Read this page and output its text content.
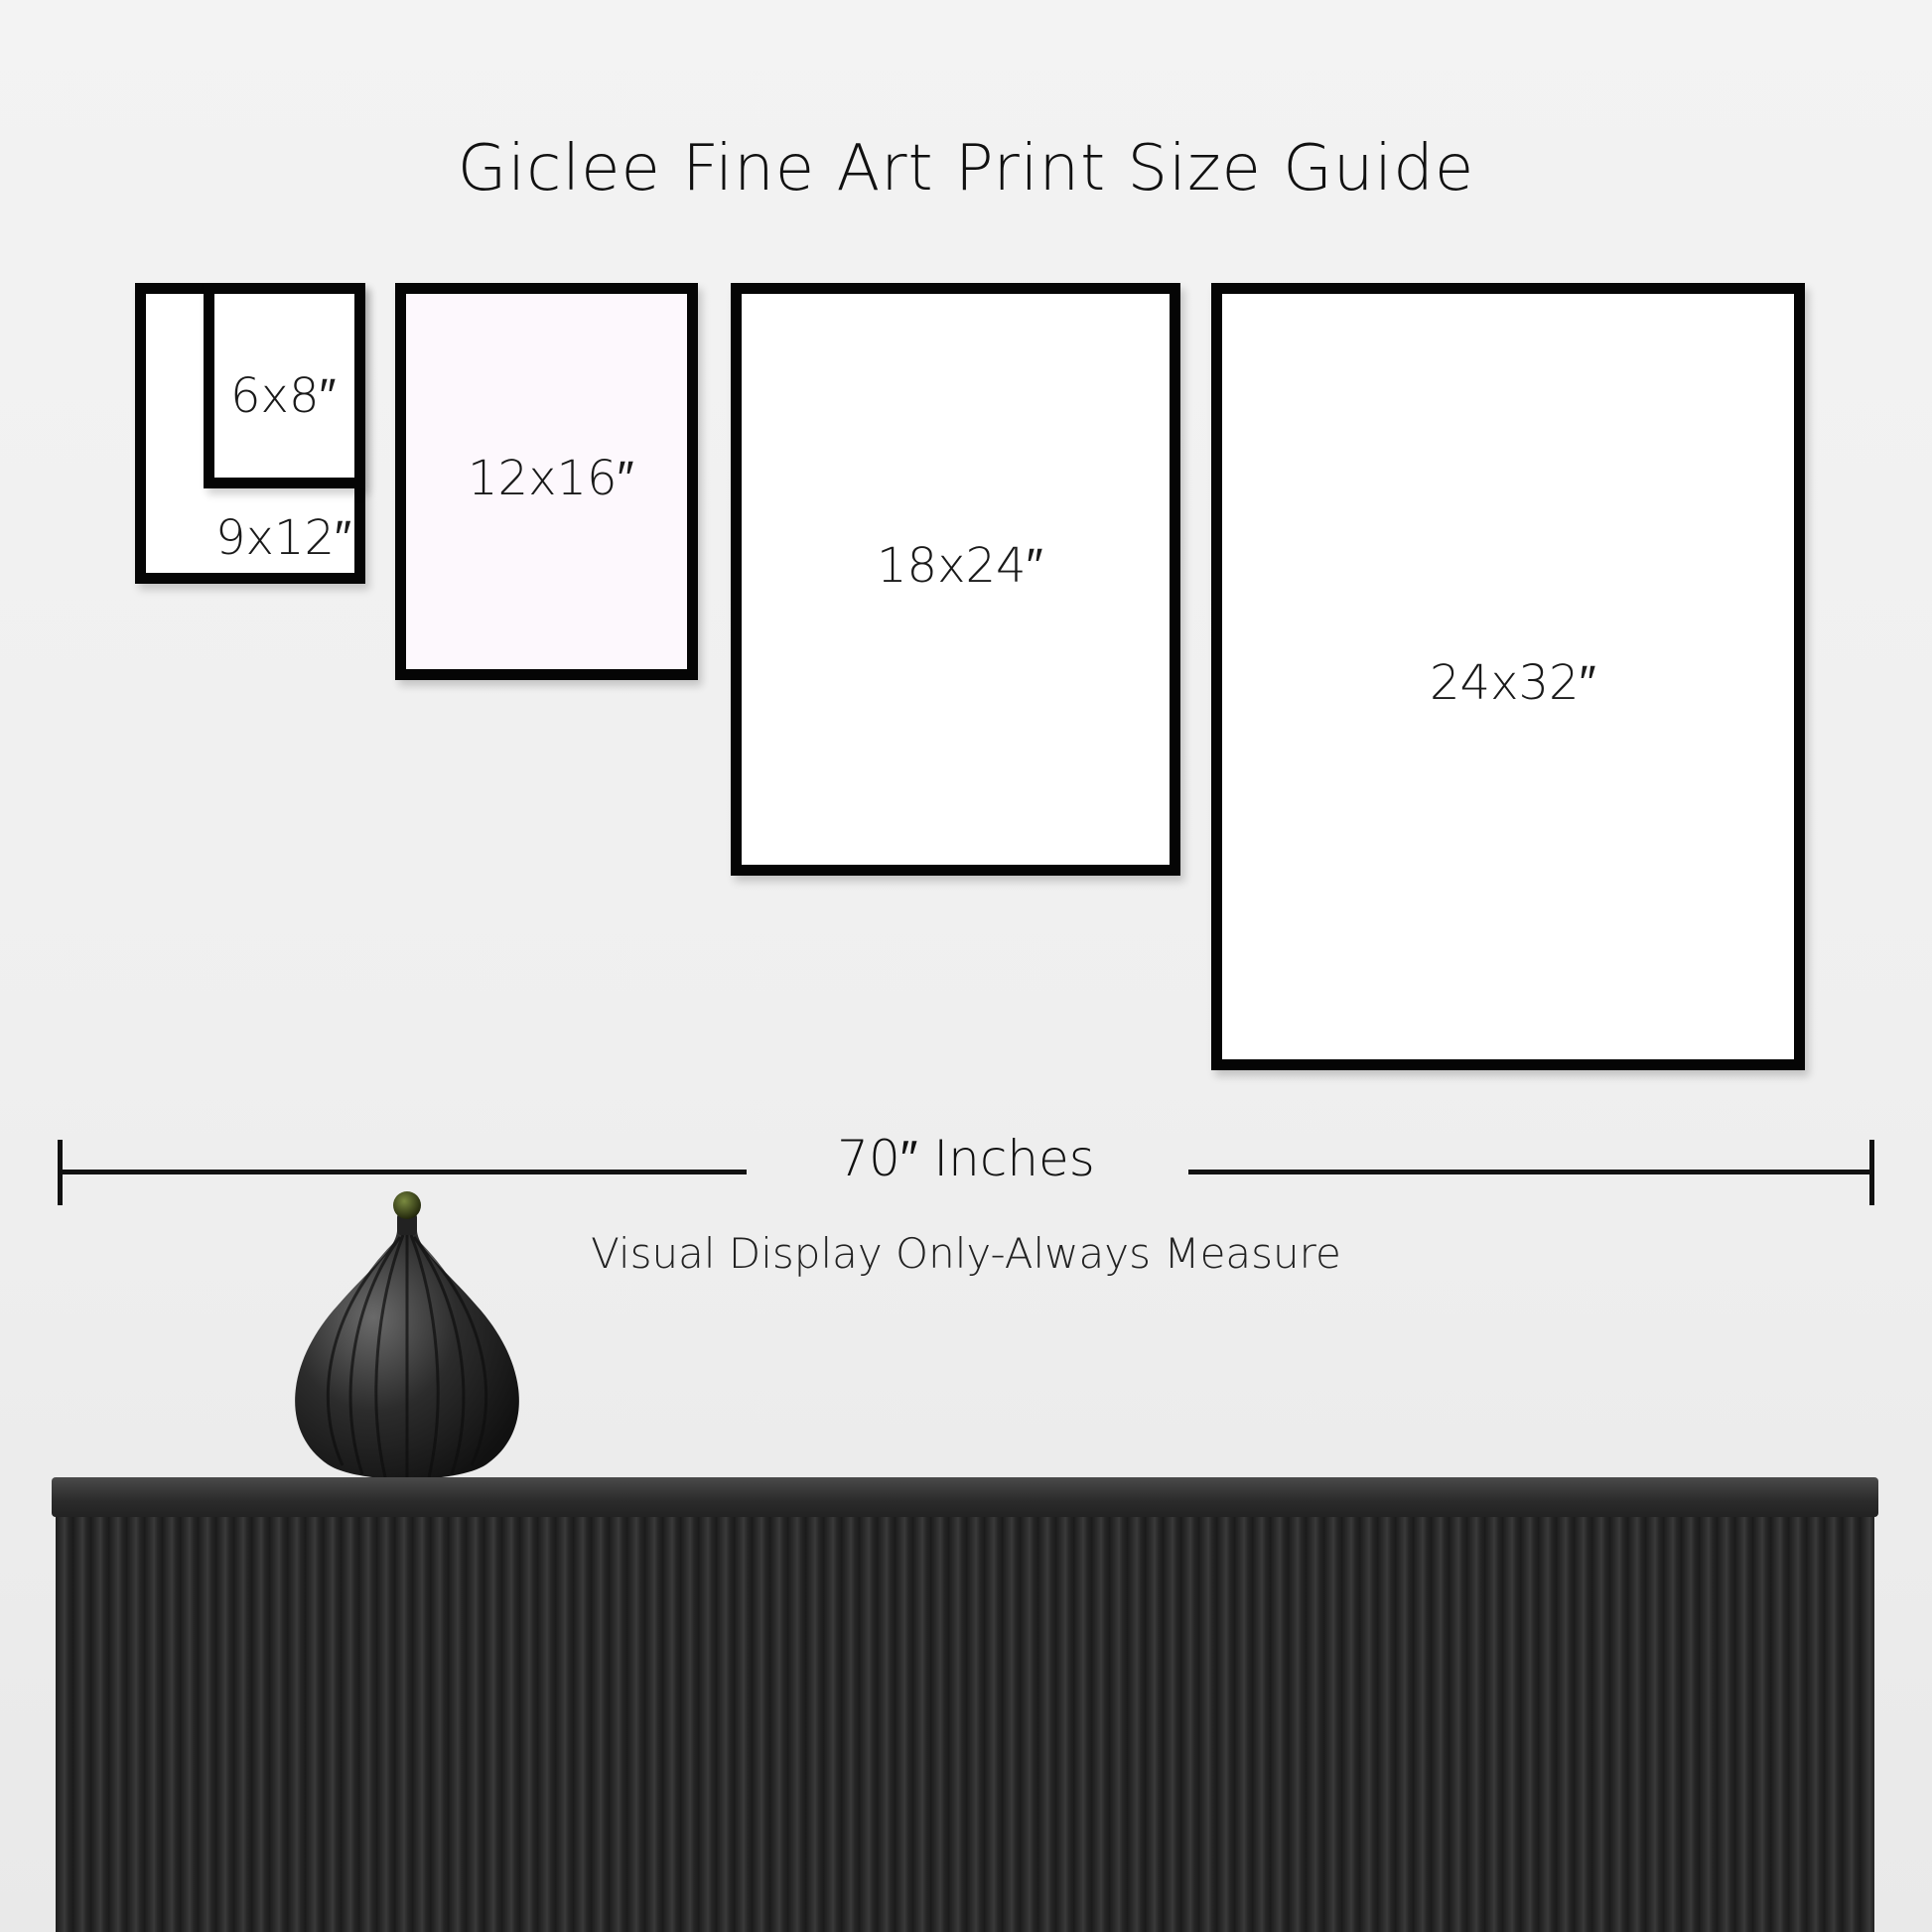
Giclee Fine Art Print Size Guide
9x12″
6x8″
12x16″
18x24″
24x32″
70″ Inches
Visual Display Only-Always Measure
